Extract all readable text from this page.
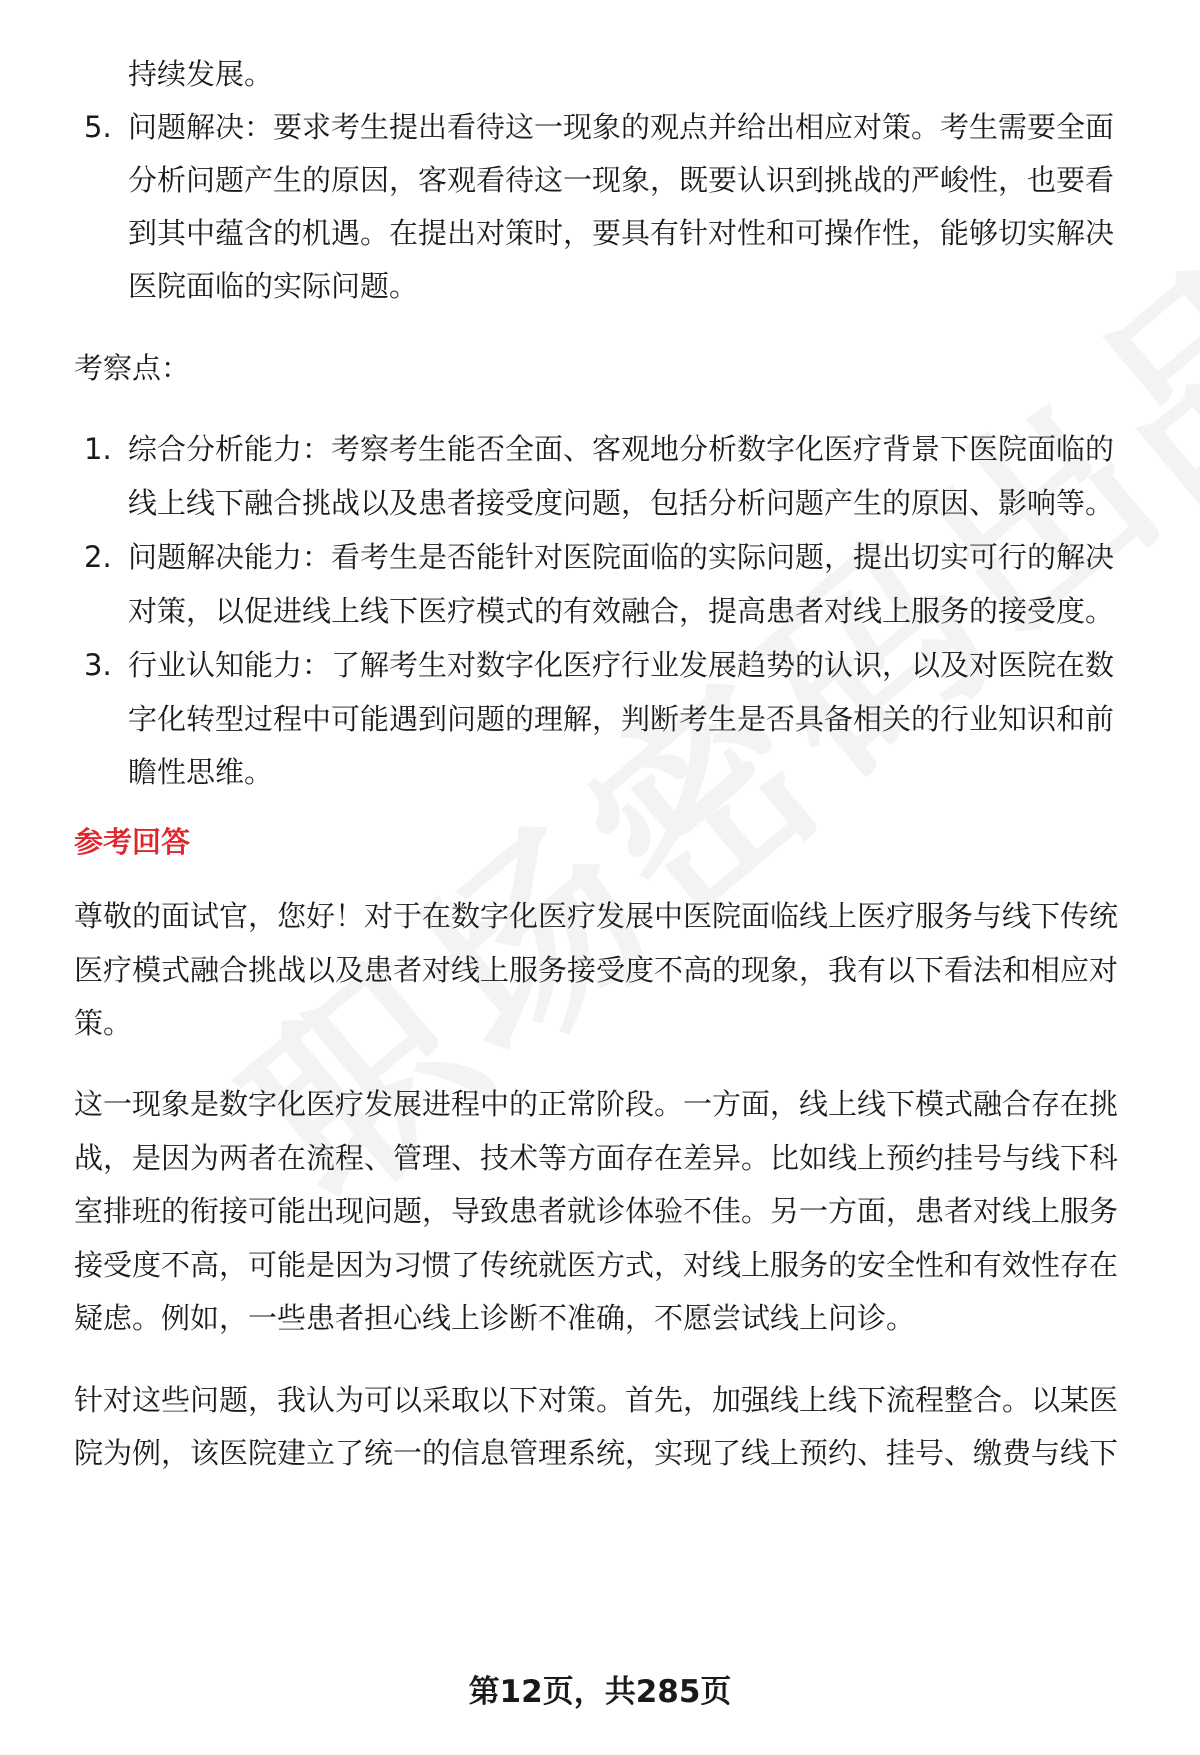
持续发展。
5. 问题解决：要求考生提出看待这一现象的观点并给出相应对策。考生需要全面
分析问题产生的原因，客观看待这一现象，既要认识到挑战的严峻性，也要看
到其中蕴含的机遇。在提出对策时，要具有针对性和可操作性，能够切实解决
医院面临的实际问题。
考察点：
1. 综合分析能力：考察考生能否全面、客观地分析数字化医疗背景下医院面临的
线上线下融合挑战以及患者接受度问题，包括分析问题产生的原因、影响等。
2. 问题解决能力：看考生是否能针对医院面临的实际问题，提出切实可行的解决
对策，以促进线上线下医疗模式的有效融合，提高患者对线上服务的接受度。
3. 行业认知能力：了解考生对数字化医疗行业发展趋势的认识，以及对医院在数
字化转型过程中可能遇到问题的理解，判断考生是否具备相关的行业知识和前
瞻性思维。
参考回答
尊敬的面试官，您好！对于在数字化医疗发展中医院面临线上医疗服务与线下传统
医疗模式融合挑战以及患者对线上服务接受度不高的现象，我有以下看法和相应对
策。
这一现象是数字化医疗发展进程中的正常阶段。一方面，线上线下模式融合存在挑
战，是因为两者在流程、管理、技术等方面存在差异。比如线上预约挂号与线下科
室排班的衔接可能出现问题，导致患者就诊体验不佳。另一方面，患者对线上服务
接受度不高，可能是因为习惯了传统就医方式，对线上服务的安全性和有效性存在
疑虑。例如，一些患者担心线上诊断不准确，不愿尝试线上问诊。
针对这些问题，我认为可以采取以下对策。首先，加强线上线下流程整合。以某医
院为例，该医院建立了统一的信息管理系统，实现了线上预约、挂号、缴费与线下
第12页，共285页
